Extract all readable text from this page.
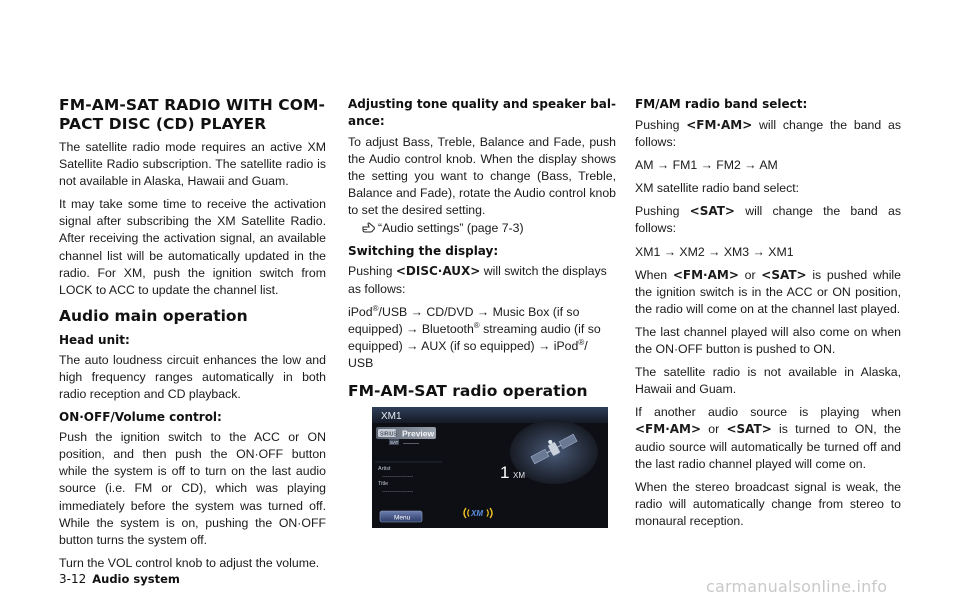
FM-AM-SAT RADIO WITH COM- PACT DISC (CD) PLAYER

The satellite radio mode requires an active XM Satellite Radio subscription. The satellite radio is not available in Alaska, Hawaii and Guam.

It may take some time to receive the activation signal after subscribing the XM Satellite Radio. After receiving the activation signal, an available channel list will be automatically updated in the radio. For XM, push the ignition switch from LOCK to ACC to update the channel list.

Audio main operation
Head unit:

The auto loudness circuit enhances the low and high frequency ranges automatically in both radio reception and CD playback.

ON·OFF/Volume control:

Push the ignition switch to the ACC or ON position, and then push the ON·OFF button while the system is off to turn on the last audio source (i.e. FM or CD), which was playing immediately before the system was turned off. While the system is on, pushing the ON·OFF button turns the system off.

Turn the VOL control knob to adjust the volume.

Adjusting tone quality and speaker bal- ance:

To adjust Bass, Treble, Balance and Fade, push the Audio control knob. When the display shows the setting you want to change (Bass, Treble, Balance and Fade), rotate the Audio control knob to set the desired setting.

“Audio settings” (page 7-3)
Switching the display:

Pushing <DISC·AUX> will switch the displays as follows:

iPod®/USB → CD/DVD → Music Box (if so equipped) → Bluetooth® streaming audio (if so equipped) → AUX (if so equipped) → iPod®/ USB

FM-AM-SAT radio operation
XM1
SIRIUS
SAT
Preview
--------
1 XM
Artist
-----------------
Title
-----------------
Menu	XM
FM/AM radio band select:

Pushing <FM·AM> will change the band as follows:

AM → FM1 → FM2 → AM

XM satellite radio band select:

Pushing <SAT> will change the band as follows:

XM1 → XM2 → XM3 → XM1

When <FM·AM> or <SAT> is pushed while the ignition switch is in the ACC or ON position, the radio will come on at the channel last played.

The last channel played will also come on when the ON·OFF button is pushed to ON.

The satellite radio is not available in Alaska, Hawaii and Guam.

If another audio source is playing when <FM·AM> or <SAT> is turned to ON, the audio source will automatically be turned off and the last radio channel played will come on.

When the stereo broadcast signal is weak, the radio will automatically change from stereo to monaural reception.

3-12 Audio system	carmanualsonline.info
